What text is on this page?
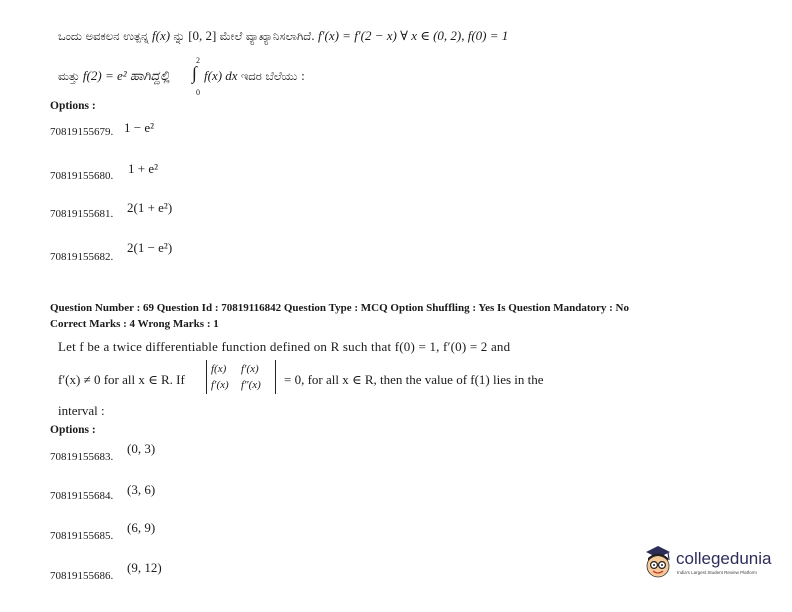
ಒಂದು ಅವಕಲನ ಉತ್ಪನ್ನ f(x) ನ್ನು [0, 2] ಮೇಲೆ ವ್ಯಾಖ್ಯಾನಿಸಲಾಗಿದೆ. f′(x) = f′(2 − x) ∀ x ∈ (0, 2), f(0) = 1
ಮತ್ತು f(2) = e² ಹಾಗಿದ್ದಲ್ಲಿ
2
∫
0
f(x) dx ಇದರ ಬೆಲೆಯು :
Options :
70819155679. 1 − e²
70819155680. 1 + e²
70819155681. 2(1 + e²)
70819155682.
2(1 − e²)
Question Number : 69 Question Id : 70819116842 Question Type : MCQ Option Shuffling : Yes Is Question Mandatory : No
Correct Marks : 4 Wrong Marks : 1
Let f be a twice differentiable function defined on R such that f(0) = 1, f′(0) = 2 and
f′(x) ≠ 0 for all x ∈ R. If
f(x) f′(x)
f′(x) f″(x)	= 0, for all x ∈ R, then the value of f(1) lies in the
interval :
Options :
70819155683.
(0, 3)
70819155684. (3, 6)
70819155685.
(6, 9)
70819155686.
(9, 12)	collegedunia
India's Largest Student Review Platform
